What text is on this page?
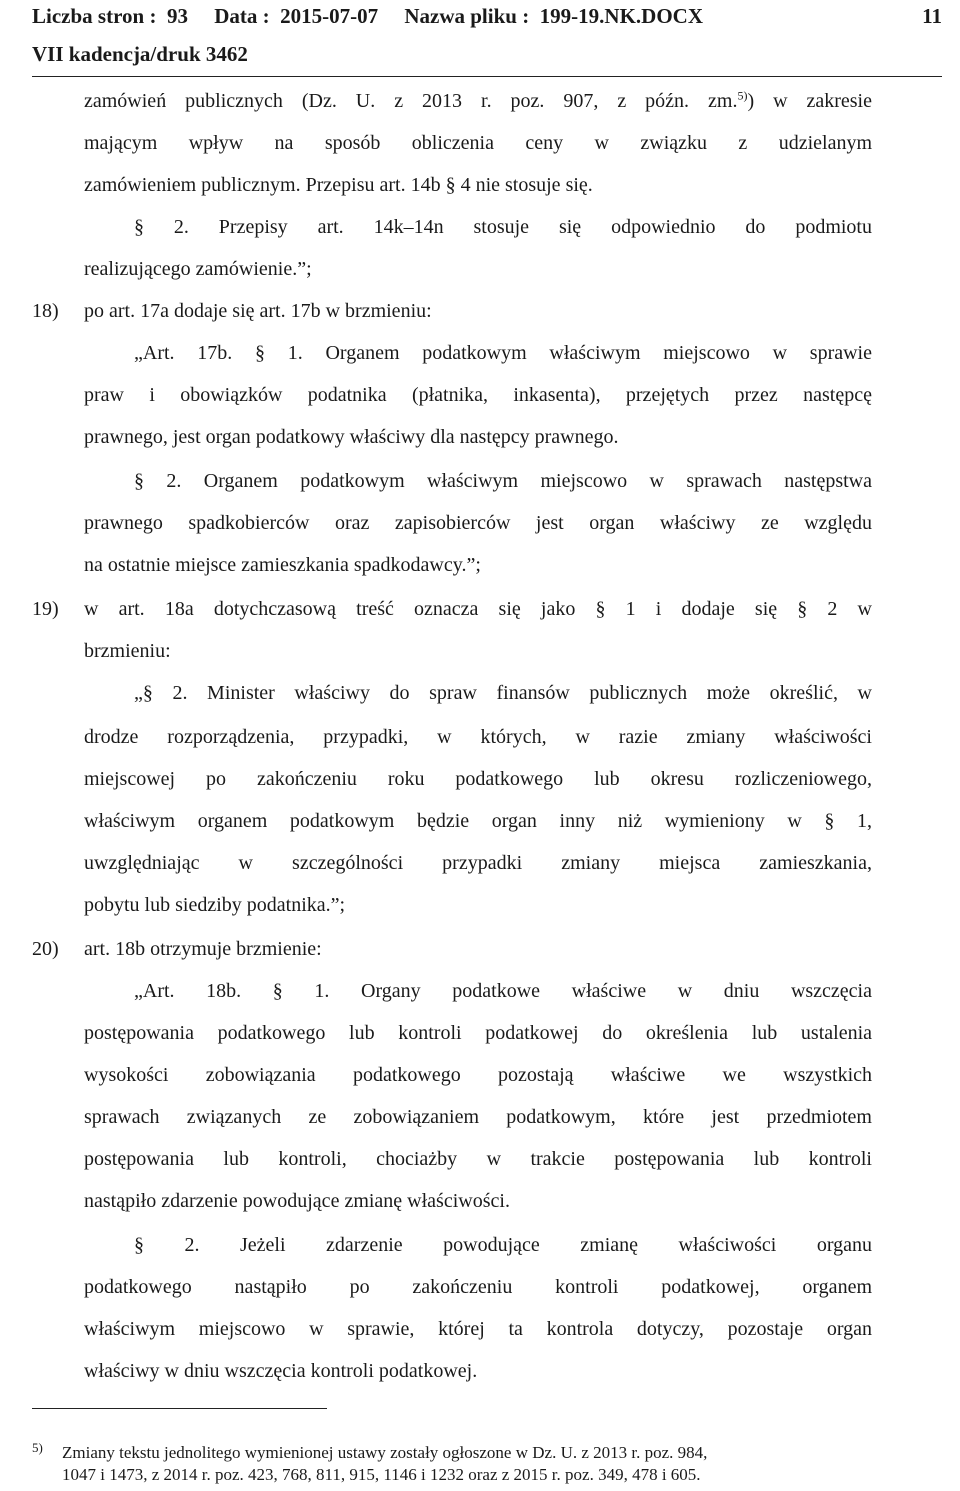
Liczba stron :  93     Data :  2015-07-07     Nazwa pliku :  199-19.NK.DOCX	11
VII kadencja/druk 3462
zamówień publicznych (Dz. U. z 2013 r. poz. 907, z późn. zm.$^{5)}$) w zakresie
mającym wpływ na sposób obliczenia ceny w związku z udzielanym
zamówieniem publicznym. Przepisu art. 14b § 4 nie stosuje się.
§ 2. Przepisy art. 14k–14n stosuje się odpowiednio do podmiotu
realizującego zamówienie.”;
18) po art. 17a dodaje się art. 17b w brzmieniu:
„Art. 17b. § 1. Organem podatkowym właściwym miejscowo w sprawie
praw i obowiązków podatnika (płatnika, inkasenta), przejętych przez następcę
prawnego, jest organ podatkowy właściwy dla następcy prawnego.
§ 2. Organem podatkowym właściwym miejscowo w sprawach następstwa
prawnego spadkobierców oraz zapisobierców jest organ właściwy ze względu
na ostatnie miejsce zamieszkania spadkodawcy.”;
19) w art. 18a dotychczasową treść oznacza się jako § 1 i dodaje się § 2 w
brzmieniu:
„§ 2. Minister właściwy do spraw finansów publicznych może określić, w
drodze rozporządzenia, przypadki, w których, w razie zmiany właściwości
miejscowej po zakończeniu roku podatkowego lub okresu rozliczeniowego,
właściwym organem podatkowym będzie organ inny niż wymieniony w § 1,
uwzględniając w szczególności przypadki zmiany miejsca zamieszkania,
pobytu lub siedziby podatnika.”;
20) art. 18b otrzymuje brzmienie:
„Art. 18b. § 1. Organy podatkowe właściwe w dniu wszczęcia
postępowania podatkowego lub kontroli podatkowej do określenia lub ustalenia
wysokości zobowiązania podatkowego pozostają właściwe we wszystkich
sprawach związanych ze zobowiązaniem podatkowym, które jest przedmiotem
postępowania lub kontroli, chociażby w trakcie postępowania lub kontroli
nastąpiło zdarzenie powodujące zmianę właściwości.
§ 2. Jeżeli zdarzenie powodujące zmianę właściwości organu
podatkowego nastąpiło po zakończeniu kontroli podatkowej, organem
właściwym miejscowo w sprawie, której ta kontrola dotyczy, pozostaje organ
właściwy w dniu wszczęcia kontroli podatkowej.
5) Zmiany tekstu jednolitego wymienionej ustawy zostały ogłoszone w Dz. U. z 2013 r. poz. 984,
1047 i 1473, z 2014 r. poz. 423, 768, 811, 915, 1146 i 1232 oraz z 2015 r. poz. 349, 478 i 605.
